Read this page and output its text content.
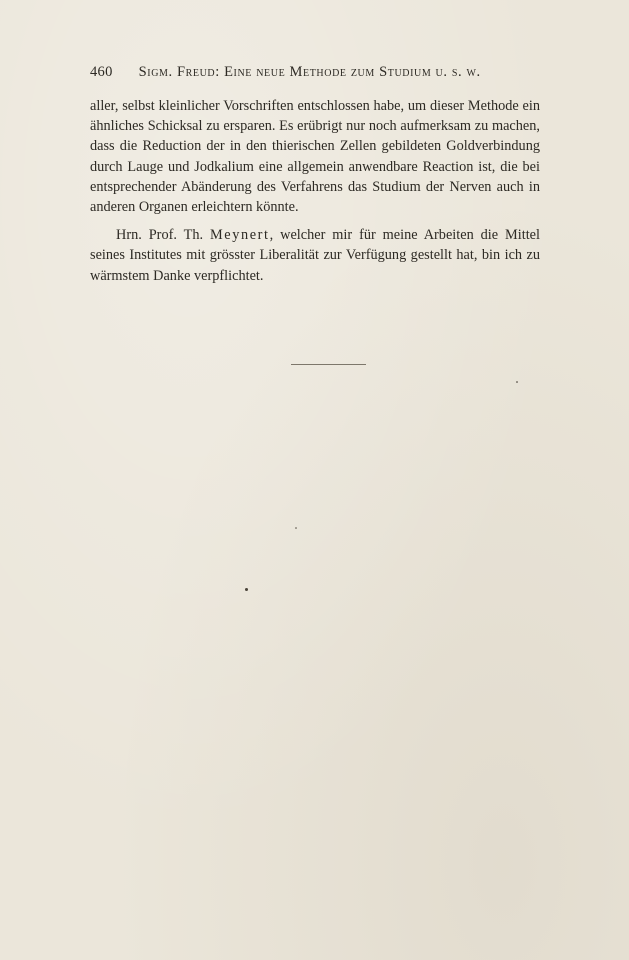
460 Sigm. Freud: Eine neue Methode zum Studium u. s. w.

aller, selbst kleinlicher Vorschriften entschlossen habe, um dieser Methode ein ähnliches Schicksal zu ersparen. Es erübrigt nur noch aufmerksam zu machen, dass die Reduction der in den thierischen Zellen gebildeten Goldverbindung durch Lauge und Jodkalium eine allgemein anwendbare Reaction ist, die bei entsprechender Abänderung des Verfahrens das Studium der Nerven auch in anderen Organen erleichtern könnte.

Hrn. Prof. Th. Meynert, welcher mir für meine Arbeiten die Mittel seines Institutes mit grösster Liberalität zur Verfügung gestellt hat, bin ich zu wärmstem Danke verpflichtet.
